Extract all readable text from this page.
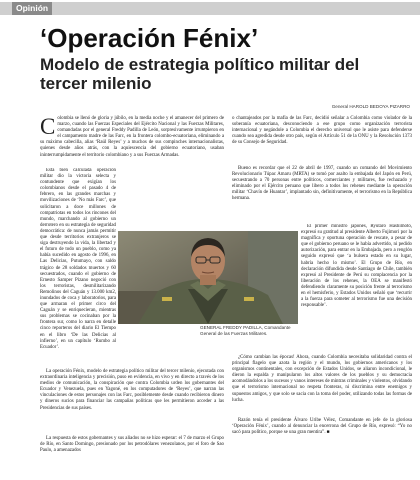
Opinión
‘Operación Fénix’
Modelo de estrategia político militar del tercer milenio
General HAROLD BEDOYA PIZARRO
Colombia se llenó de gloria y júbilo, en la media noche y el amanecer del primero de marzo, cuando las Fuerzas Especiales del Ejército Nacional y las Fuerzas Militares, comandadas por el general Freddy Padilla de León, sorpresivamente irrumpieron en el campamento madre de las Farc, en la frontera colombo-ecuatoriana, eliminando a su máximo cabecilla, alias ‘Raúl Reyes’ y a muchos de sus compinches internacionalistas, quienes desde años atrás, con la aquiescencia del gobierno ecuatoriano, usaban ininterrumpidamente el territorio colombiano y a sus Fuerzas Armadas.
Esta bien calculada operación militar dio la victoria selecta y contundente que exigían los colombianos desde el pasado 4 de febrero, en las grandes marchas y movilizaciones de ‘No más Farc’, que solicitaron a doce millones de compatriotas en todos los rincones del mundo, marchando al gobierno un derrotero en su estrategia de seguridad democrática: de nunca jamás permitir que desde territorios extranjeros se siga destruyendo la vida, la libertad y el futuro de todo un pueblo, como ya había sucedido en agosto de 1996, en Las Delicias, Putumayo, con saldo trágico de 28 soldados muertos y 60 secuestrados, cuando el gobierno de Ernesto Samper Pizano negoció con los terroristas, desmilitarizando Remolinos del Caguán y 13.000 km2, inundados de coca y laboratorios, para que armaran el primer circo del Caguán y se enriquecieran, mientras sus problemas se cocinaban por la frontera sur, como lo narra en detalle cinco reporteros del diario El Tiempo en el libro ‘De las Delicias al infierno’, en un capítulo ‘Rumbo al Ecuador’.
La operación Fénix, modelo de estrategia político militar del tercer milenio, ejecutada con extraordinaria inteligencia y precisión, puso en evidencia, en vivo y en directo a través de los medios de comunicación, la conspiración que contra Colombia urden los gobernantes del Ecuador y Venezuela, pues en Yagoné, en los computadores de ‘Reyes’, que narran las vinculaciones de estos personajes con las Farc, posiblemente desde cuando recibieron dinero y dineros sucios para financiar las campañas políticas que les permitieron acceder a las Presidencias de sus países.
La respuesta de estos gobernantes y sus aliados no se hizo esperar: el 7 de marzo el Grupo de Río, en Santo Domingo, presionado por los petrodólares venezolanos, por el foro de Sao Paulo, a amenazados
o chantajeados por la mafia de las Farc, decidió señalar a Colombia como violador de la soberanía ecuatoriana, desconociendo a ese grupo como organización terrorista internacional y negándole a Colombia el derecho universal que le asiste para defenderse cuando sea agredida desde otro país, según el Artículo 51 de la ONU y la Resolución 1373 de su Consejo de Seguridad.
Bueno es recordar que el 22 de abril de 1997, cuando un comando del Movimiento Revolucionario Túpac Amaru (MRTA) se tomó por asalto la embajada del Japón en Perú, secuestrando a 70 personas entre políticos, comerciantes y militares, fue rechazado y eliminado por el Ejército peruano que libero a todos los rehenes mediante la operación militar ‘Chavín de Huantar’, implantado sin, definitivamente, el terrorismo en la República hermana.
El primer ministro japonés, Ryutaro Hashimoto, expresó su gratitud al presidente Alberto Fujimori por la magnífica y oportuna operación de rescate, a pesar de que el gobierno peruano se le había advertido, ni pedido autorización, para entrar en la Embajada, pero a renglón seguido expresó que ‘a bulsera estado en su lugar, habría hecho lo mismo’. El Grupo de Río, en declaración difundida desde Santiago de Chile, también expresó al Presidente de Perú su complacencia por la liberación de los rehenes, la OEA se manifestó defendiendo claramente su posición frente al terrorismo en el hemisferio, y Estados Unidos señaló que ‘recurrir a la fuerza para someter al terrorismo fue una decisión responsable’.
¿Cómo cambian las épocas! Ahora, cuando Colombia necesitaba solidaridad contra el principal flagelo que azota la región y el mundo, los gobiernos americanos y los organismos continentales, con excepción de Estados Unidos, se aliaron incondicional, le dieron la espalda y manipularon los altos valores de los pueblos y su democracia acomodándolos a los sucesos y vanos intereses de mintras criminales y violentos, olvidando que el terrorismo internacional no respeta fronteras, ni discrimina entre enemigos y supuestos amigos, y que solo se sacia con la toma del poder, utilizando todas las formas de lucha.
Razón tenía el presidente Álvaro Uribe Vélez, Comandante en jefe de la gloriosa ‘Operación Fénix’, cuando al denunciar la encerrona del Grupo de Río, expresó: “Yo no sacó para político, porque se una gran mentira”. ■
GENERAL FREDDY PADILLA, Comandante General de las Fuerzas Militares.
